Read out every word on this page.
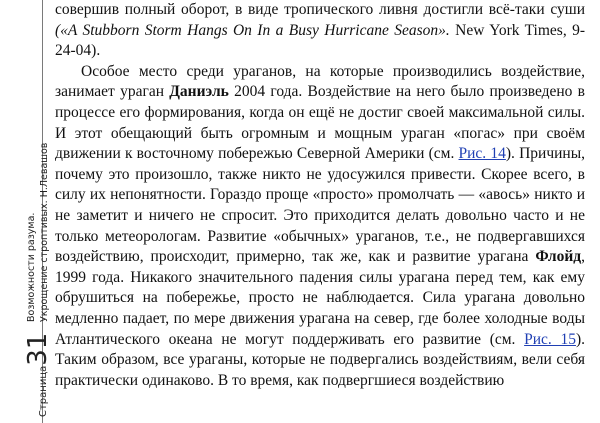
Страница31
Возможности разума. Укрощение строптивых. Н.Левашов

совершив полный оборот, в виде тропического ливня достигли всё-таки суши («A Stubborn Storm Hangs On In a Busy Hurricane Season». New York Times, 9-24-04).

Особое место среди ураганов, на которые производились воздействие, занимает ураган Даниэль 2004 года. Воздействие на него было произведено в процессе его формирования, когда он ещё не достиг своей максимальной силы. И этот обещающий быть огромным и мощным ураган «погас» при своём движении к восточному побережью Северной Америки (см. Рис. 14). Причины, почему это произошло, также никто не удосужился привести. Скорее всего, в силу их непонятности. Гораздо проще «просто» промолчать — «авось» никто и не заметит и ничего не спросит. Это приходится делать довольно часто и не только метеорологам. Развитие «обычных» ураганов, т.е., не подвергавшихся воздействию, происходит, примерно, так же, как и развитие урагана Флойд, 1999 года. Никакого значительного падения силы урагана перед тем, как ему обрушиться на побережье, просто не наблюдается. Сила урагана довольно медленно падает, по мере движения урагана на север, где более холодные воды Атлантического океана не могут поддерживать его развитие (см. Рис. 15). Таким образом, все ураганы, которые не подвергались воздействиям, вели себя практически одинаково. В то время, как подвергшиеся воздействию
